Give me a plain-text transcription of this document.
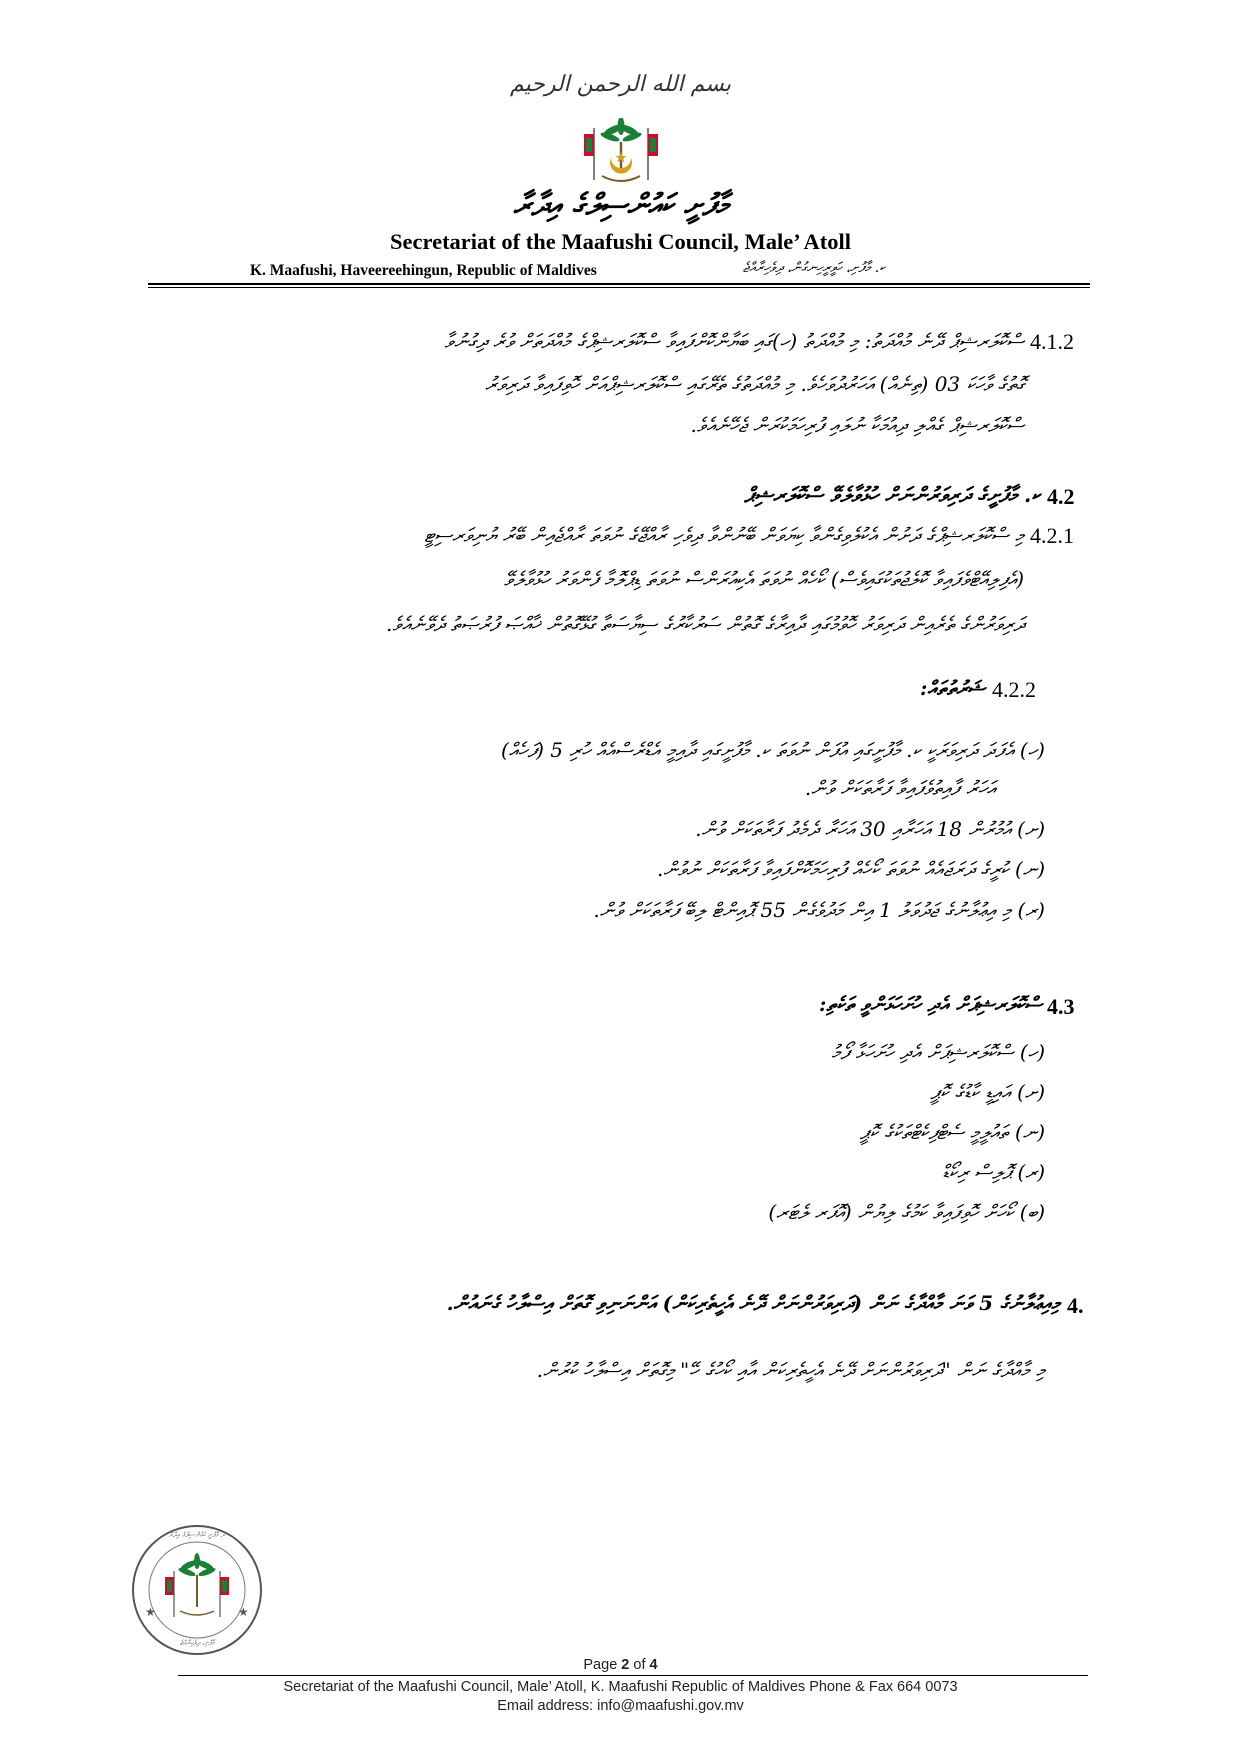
بسم الله الرحمن الرحيم
މާފުށީ ކައުންސިލްގެ އިދާރާ
Secretariat of the Maafushi Council, Male’ Atoll
K. Maafushi, Haveereehingun, Republic of Maldives	ކ. މާފުށި، ހަވީރީހިނގުން، ދިވެހިރާއްޖެ
4.1.2
ސްކޮލަރޝިޕް ދޭނެ މުއްދަތު: މި މުއްދަތު (ހ)ގައި ބަޔާންކޮށްފައިވާ ސްކޮލަރޝިޕްގެ މުއްދަތަށް ވުރެ ދިގުނުވާ
ގޮތުގެ ވާހަކަ 03 (ތިނެއް) އަހަރުދުވަހެވެ. މި މުއްދަތުގެ ތެރޭގައި ސްކޮލަރޝިޕްއަށް ހޮވިފައިވާ ދަރިވަރު
ސްކޮލަރޝިޕް ގެއްލި ދިއުމަކާ ނުލައި ފުރިހަމަކުރަން ޖެހޭނެއެވެ.
4.2
ކ. މާފުށީގެ ދަރިވަރުންނަށް ހުޅުވާލެވޭ ސްކޮލަރޝިޕް
4.2.1
މި ސްކޮލަރޝިޕްގެ ދަށުން އެކުލެވިގެންވާ ކިޔަވަން ބޭނުންވާ ދިވެހި ރާއްޖޭގެ ނުވަތަ ރާއްޖެއިން ބޭރު ޔުނިވަރސިޓީ
(އެފިލިއޭޓްވެފައިވާ ކޮލެޖުތަކުގައިވެސް) ކޯހެއް ނުވަތަ އެކިއުރަންސް ނުވަތަ ޑިޕްލޮމާ ފެންވަރު ހުޅުވާލެވޭ
ދަރިވަރުންގެ ތެރެއިން ދަރިވަރު ހޮވުމުގައި ދާއިރާގެ ގޮތުން ސަރުކާރުގެ ސިޔާސަތާ ގުޅޭގޮތުން ޚާއްޞަ ފުރުޞަތު ދެވޭނެއެވެ.
4.2.2
ޝަރުތުތައް:
(ހ) އެފަދަ ދަރިވަރަކީ ކ. މާފުށީގައި އުފަން ނުވަތަ ކ. މާފުށީގައި ދާއިމީ އެޑްރެސްއެއް ހުރި 5 (ފަހެއް)
އަހަރު ފާއިތުވެފައިވާ ފަރާތަކަށް ވުން.
(ށ) އުމުރުން 18 އަހަރާއި 30 އަހަރާ ދެމެދު ފަރާތަކަށް ވުން.
(ނ) ކުރީގެ ދަރަޖައެއް ނުވަތަ ކޯހެއް ފުރިހަމަކޮށްފައިވާ ފަރާތަކަށް ނުވުން.
(ރ) މި އިޢުލާނުގެ ޖަދުވަލު 1 އިން މަދުވެގެން 55 ޕޮއިންޓް ލިބޭ ފަރާތަކަށް ވުން.
4.3
ސްކޮލަރޝިޕަށް އެދި ހުށަހަޅަންވީ ތަކެތި:
(ހ) ސްކޮލަރޝިޕަށް އެދި ހުށަހަޅާ ފޯމު
(ށ) އައިޑީ ކާޑުގެ ކޮޕީ
(ނ) ތައުލީމީ ސެޓްފިކެޓްތަކުގެ ކޮޕީ
(ރ) ޕޮލިސް ރިކޯޑް
(ބ) ކޯހަށް ހޮވިފައިވާ ކަމުގެ ލިޔުން (އޮފަރ ލެޓަރ)
4.
މިއިޢުލާނުގެ 5 ވަނަ މާއްދާގެ ނަން (ދަރިވަރުންނަށް ދޭނެ އެހީތެރިކަން) އަންނަނިވި ގޮތަށް އިސްލާހު ގެނައުން.
މި މާއްދާގެ ނަން "ދަރިވަރުންނަށް ދޭނެ އެހީތެރިކަން އާއި ކޯހުގެ ހޭ" މިގޮތަށް އިސްލާހު ކުރުން.
★	★
ކ. މާފުށީ ކައުންސިލްގެ އިދާރާ
މާފުށި، ދިވެހިރާއްޖެ
Page 2 of 4
Secretariat of the Maafushi Council, Male’ Atoll, K. Maafushi Republic of Maldives Phone & Fax 664 0073
Email address: info@maafushi.gov.mv
